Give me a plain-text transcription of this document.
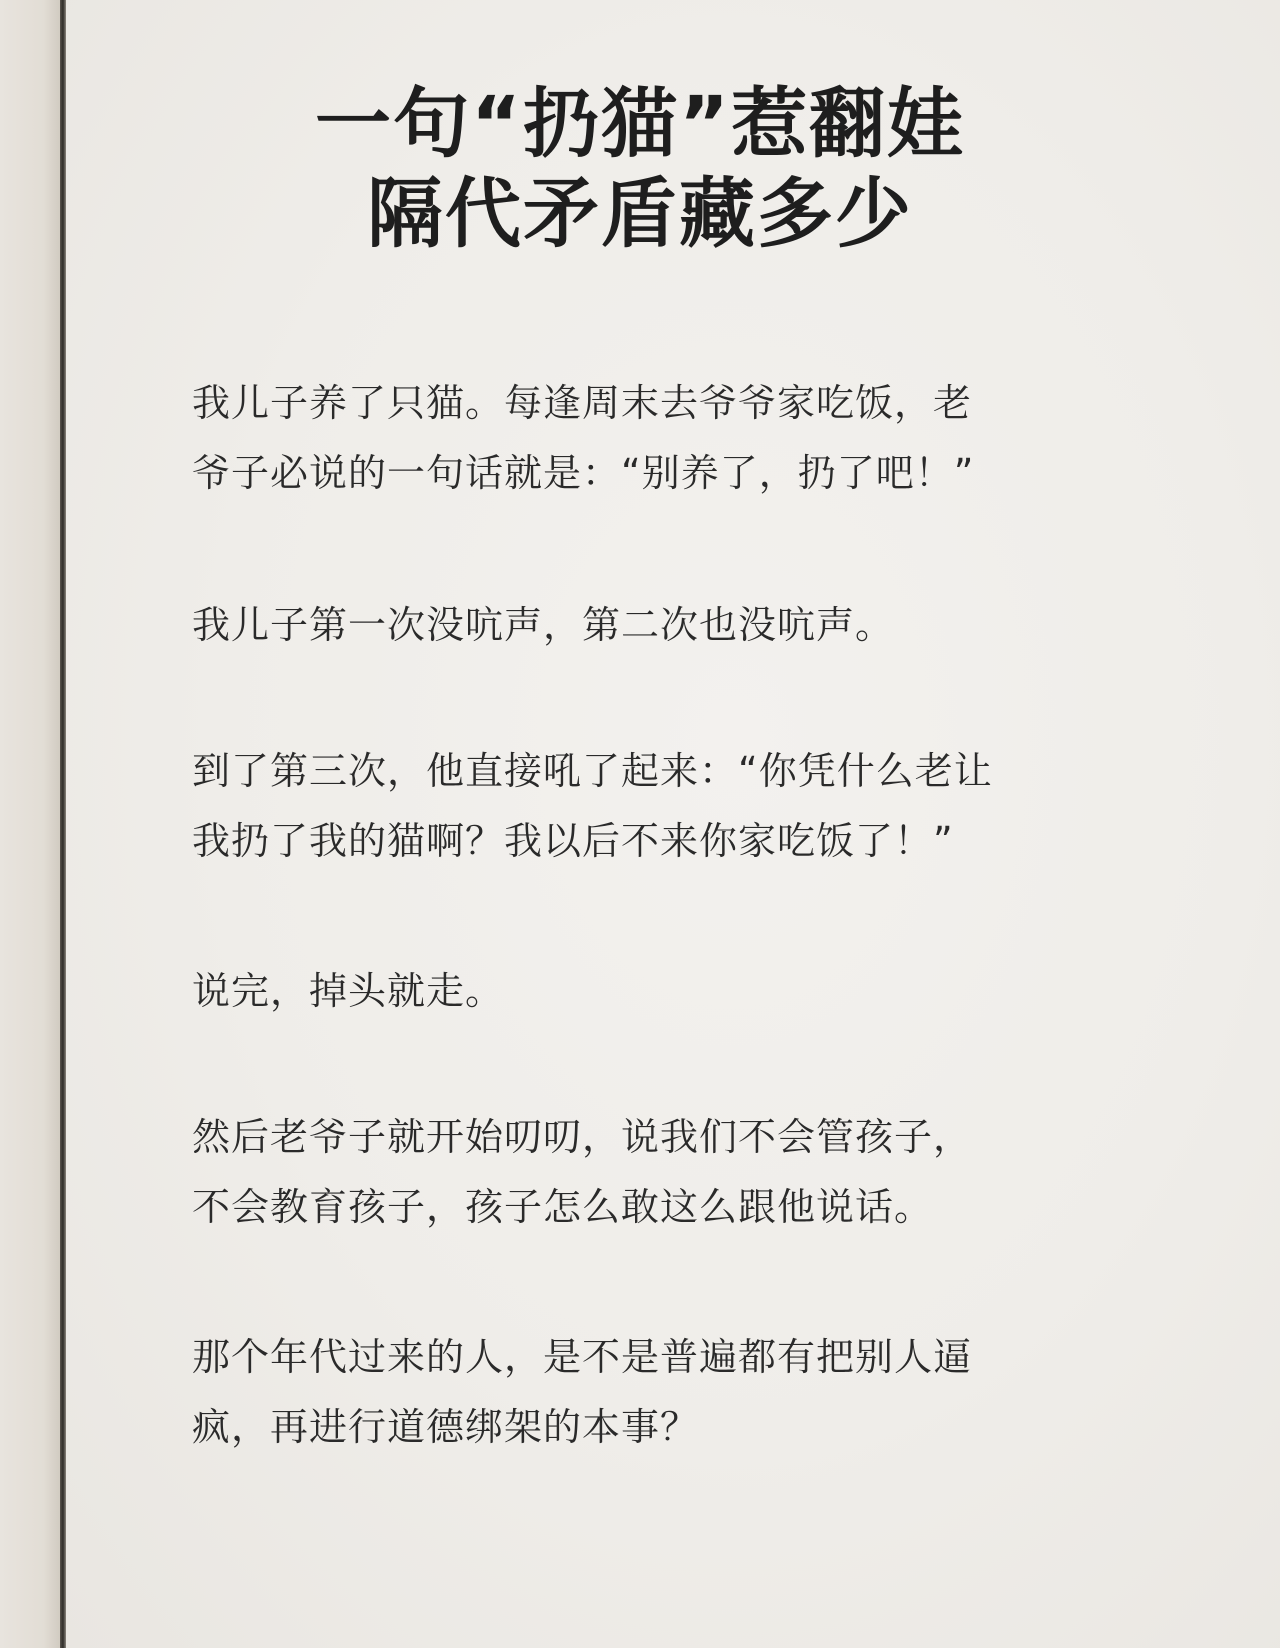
一句“扔猫”惹翻娃
隔代矛盾藏多少
我儿子养了只猫。每逢周末去爷爷家吃饭，老
爷子必说的一句话就是：“别养了，扔了吧！”
我儿子第一次没吭声，第二次也没吭声。
到了第三次，他直接吼了起来：“你凭什么老让
我扔了我的猫啊？我以后不来你家吃饭了！”
说完，掉头就走。
然后老爷子就开始叨叨，说我们不会管孩子，
不会教育孩子，孩子怎么敢这么跟他说话。
那个年代过来的人，是不是普遍都有把别人逼
疯，再进行道德绑架的本事？
